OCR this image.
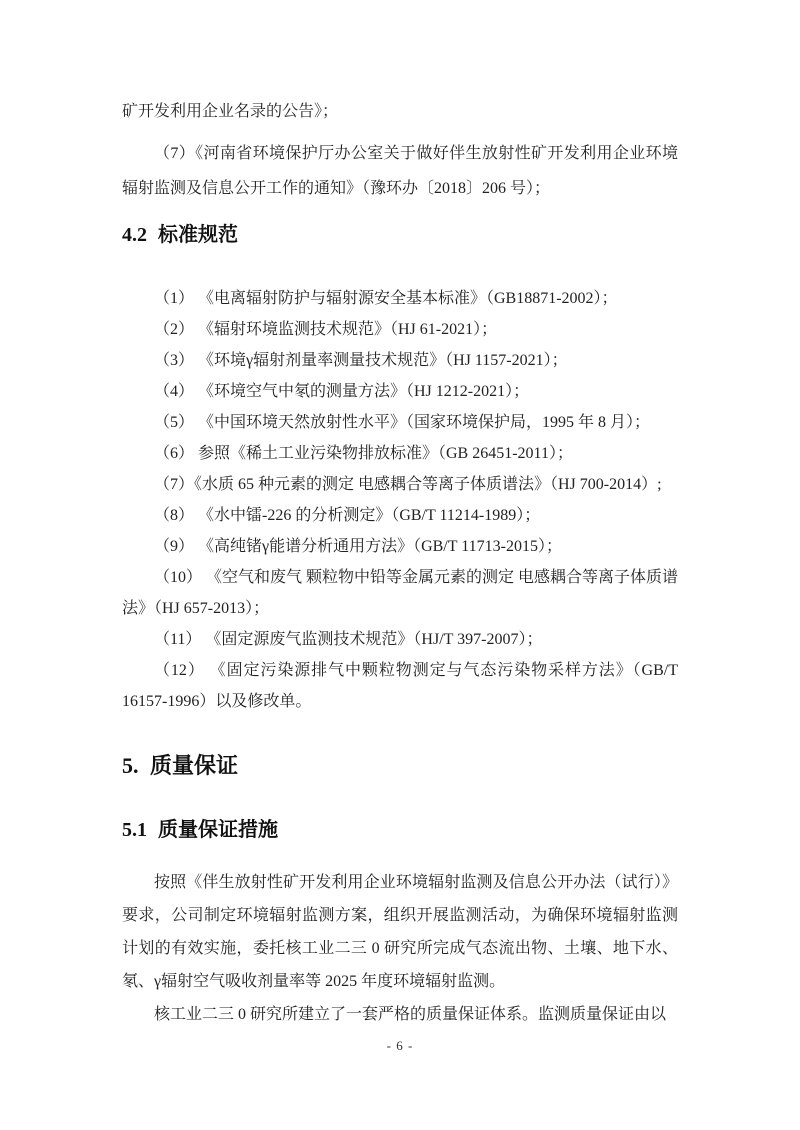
矿开发利用企业名录的公告》；

（7）《河南省环境保护厅办公室关于做好伴生放射性矿开发利用企业环境辐射监测及信息公开工作的通知》（豫环办〔2018〕206 号）；

4.2 标准规范

（1） 《电离辐射防护与辐射源安全基本标准》（GB18871-2002）；

（2） 《辐射环境监测技术规范》（HJ 61-2021）；

（3） 《环境γ辐射剂量率测量技术规范》（HJ 1157-2021）；

（4） 《环境空气中氡的测量方法》（HJ 1212-2021）；

（5） 《中国环境天然放射性水平》（国家环境保护局，1995 年 8 月）；

（6） 参照《稀土工业污染物排放标准》（GB 26451-2011）；

（7）《水质 65 种元素的测定 电感耦合等离子体质谱法》（HJ 700-2014）;

（8） 《水中镭-226 的分析测定》（GB/T 11214-1989）；

（9） 《高纯锗γ能谱分析通用方法》（GB/T 11713-2015）；

（10） 《空气和废气 颗粒物中铅等金属元素的测定 电感耦合等离子体质谱法》（HJ 657-2013）；

（11） 《固定源废气监测技术规范》（HJ/T 397-2007）；

（12） 《固定污染源排气中颗粒物测定与气态污染物采样方法》（GB/T 16157-1996）以及修改单。

5. 质量保证
5.1 质量保证措施

按照《伴生放射性矿开发利用企业环境辐射监测及信息公开办法（试行）》要求，公司制定环境辐射监测方案，组织开展监测活动，为确保环境辐射监测计划的有效实施，委托核工业二三 0 研究所完成气态流出物、土壤、地下水、氡、γ辐射空气吸收剂量率等 2025 年度环境辐射监测。

核工业二三 0 研究所建立了一套严格的质量保证体系。监测质量保证由以

- 6 -
